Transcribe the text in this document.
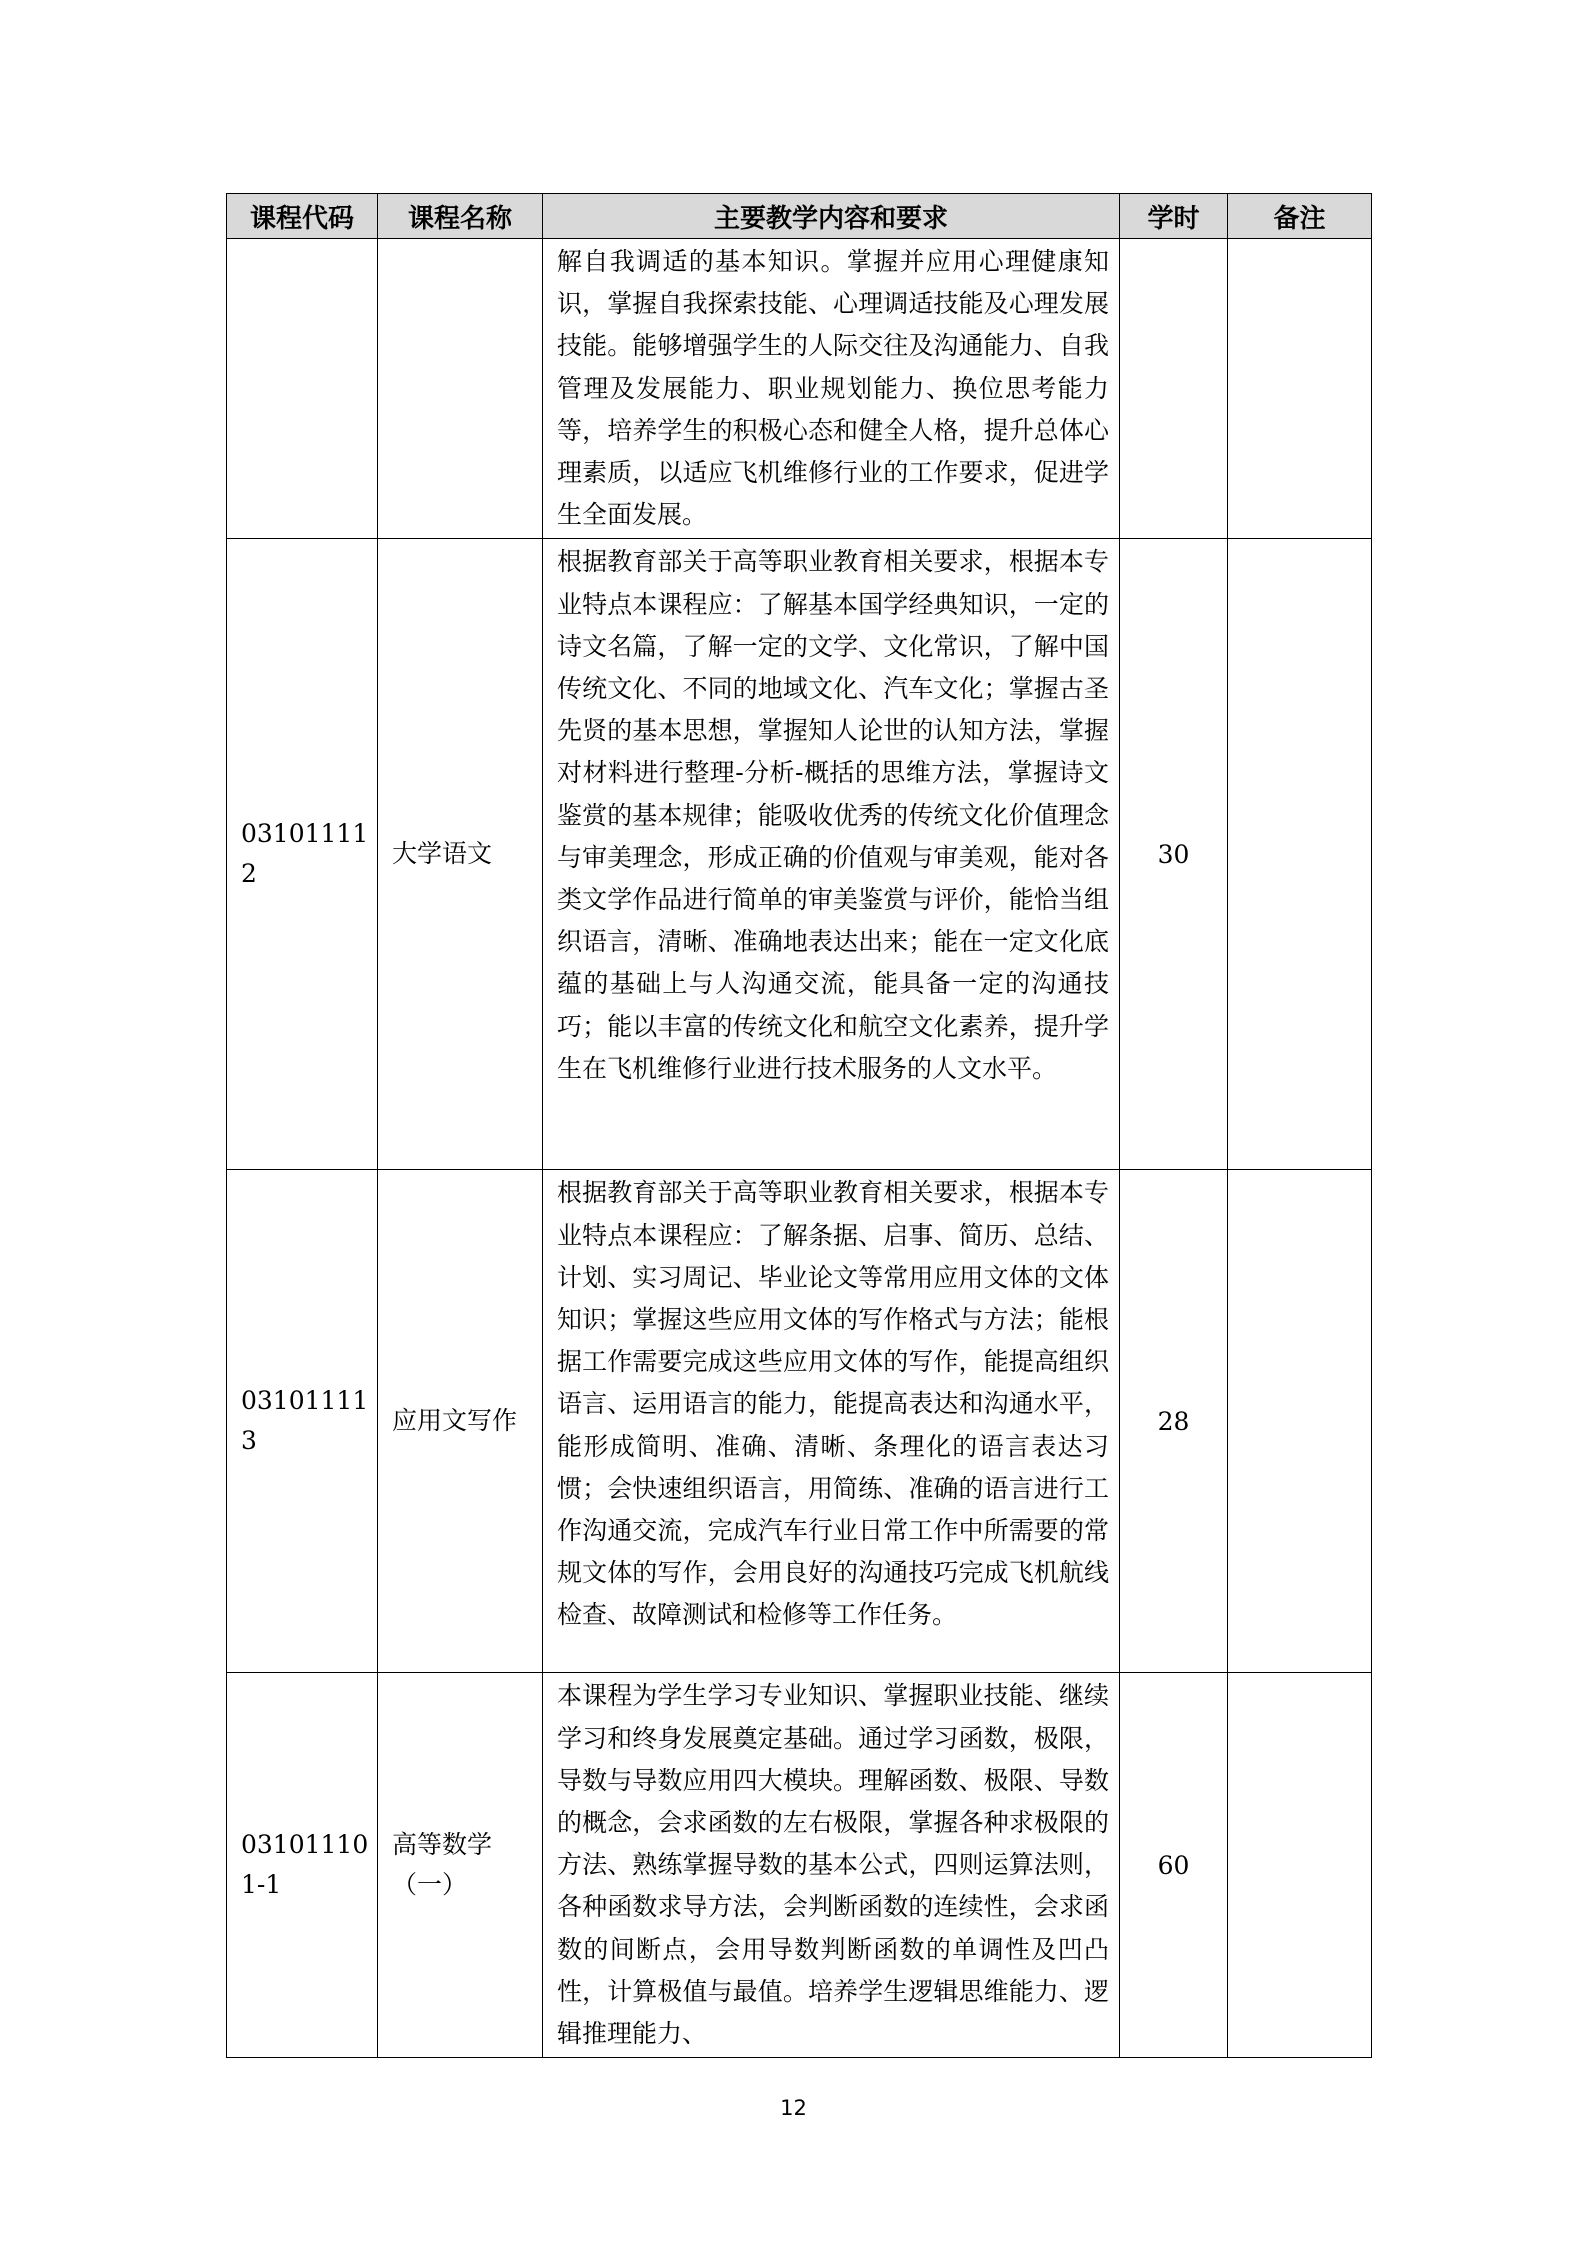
课程代码	课程名称	主要教学内容和要求	学时	备注
		解自我调适的基本知识。掌握并应用心理健康知识，掌握自我探索技能、心理调适技能及心理发展技能。能够增强学生的人际交往及沟通能力、自我管理及发展能力、职业规划能力、换位思考能力等，培养学生的积极心态和健全人格，提升总体心理素质，以适应飞机维修行业的工作要求，促进学生全面发展。		
031011112	大学语文	根据教育部关于高等职业教育相关要求，根据本专业特点本课程应：了解基本国学经典知识，一定的诗文名篇，了解一定的文学、文化常识，了解中国传统文化、不同的地域文化、汽车文化；掌握古圣先贤的基本思想，掌握知人论世的认知方法，掌握对材料进行整理-分析-概括的思维方法，掌握诗文鉴赏的基本规律；能吸收优秀的传统文化价值理念与审美理念，形成正确的价值观与审美观，能对各类文学作品进行简单的审美鉴赏与评价，能恰当组织语言，清晰、准确地表达出来；能在一定文化底蕴的基础上与人沟通交流，能具备一定的沟通技巧；能以丰富的传统文化和航空文化素养，提升学生在飞机维修行业进行技术服务的人文水平。	30	
031011113	应用文写作	根据教育部关于高等职业教育相关要求，根据本专业特点本课程应：了解条据、启事、简历、总结、计划、实习周记、毕业论文等常用应用文体的文体知识；掌握这些应用文体的写作格式与方法；能根据工作需要完成这些应用文体的写作，能提高组织语言、运用语言的能力，能提高表达和沟通水平，能形成简明、准确、清晰、条理化的语言表达习惯；会快速组织语言，用简练、准确的语言进行工作沟通交流，完成汽车行业日常工作中所需要的常规文体的写作，会用良好的沟通技巧完成飞机航线检查、故障测试和检修等工作任务。	28	
031011101-1	高等数学（一）	本课程为学生学习专业知识、掌握职业技能、继续学习和终身发展奠定基础。通过学习函数，极限，导数与导数应用四大模块。理解函数、极限、导数的概念，会求函数的左右极限，掌握各种求极限的方法、熟练掌握导数的基本公式，四则运算法则，各种函数求导方法，会判断函数的连续性，会求函数的间断点，会用导数判断函数的单调性及凹凸性，计算极值与最值。培养学生逻辑思维能力、逻辑推理能力、	60	
12
